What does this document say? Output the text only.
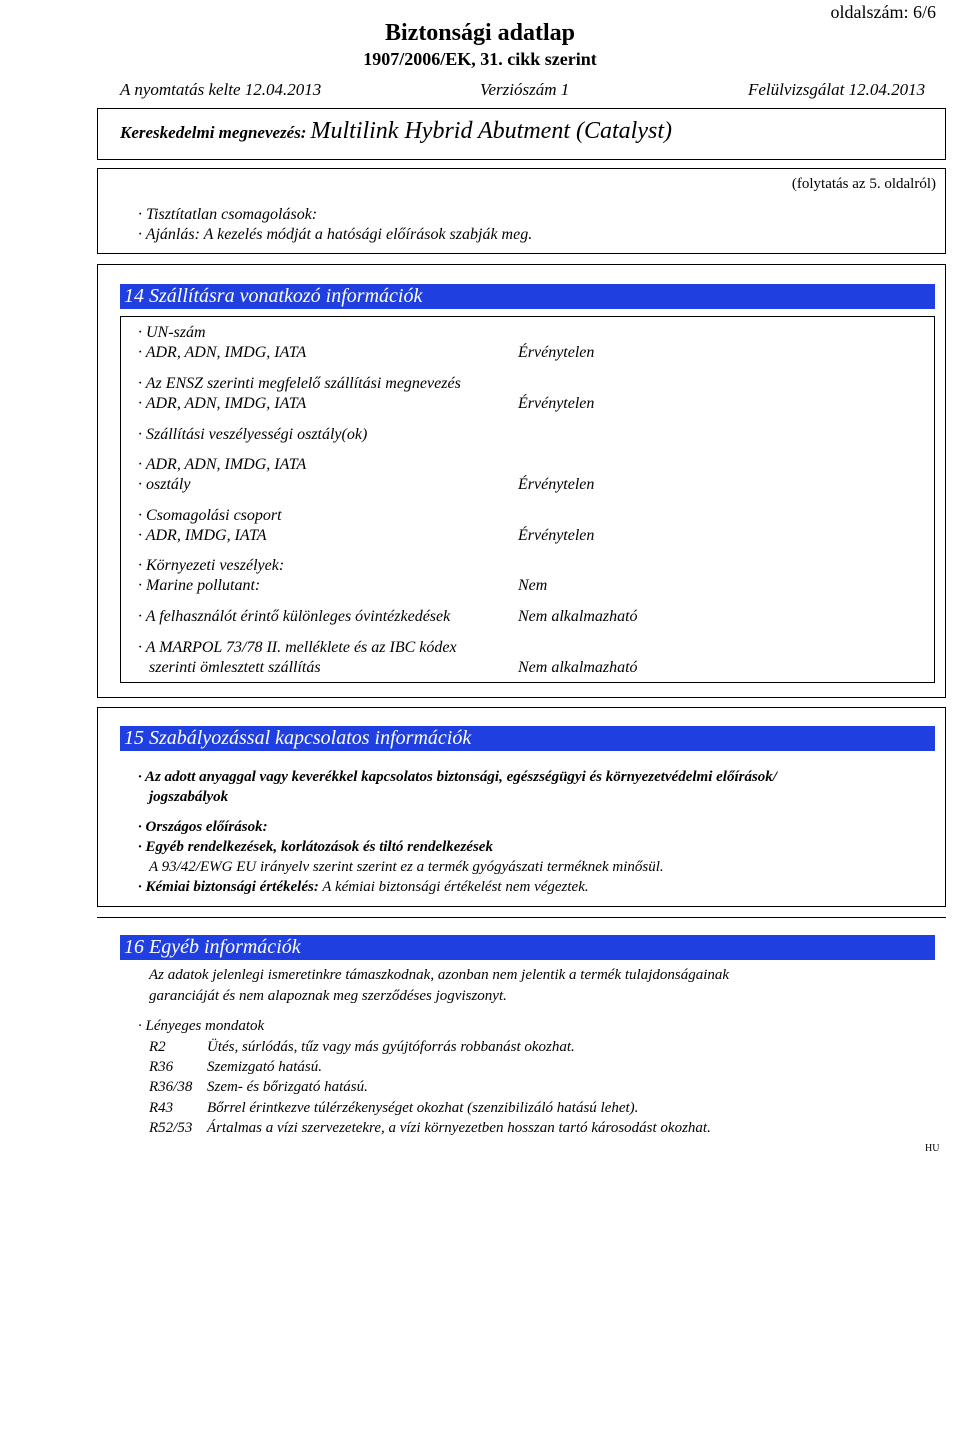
oldalszám: 6/6
Biztonsági adatlap
1907/2006/EK, 31. cikk szerint
A nyomtatás kelte 12.04.2013	Verziószám 1	Felülvizsgálat 12.04.2013
Kereskedelmi megnevezés: Multilink Hybrid Abutment (Catalyst)
(folytatás az 5. oldalról)
· Tisztítatlan csomagolások:
· Ajánlás: A kezelés módját a hatósági előírások szabják meg.
14 Szállításra vonatkozó információk
· UN-szám
· ADR, ADN, IMDG, IATA	Érvénytelen
· Az ENSZ szerinti megfelelő szállítási megnevezés
· ADR, ADN, IMDG, IATA	Érvénytelen
· Szállítási veszélyességi osztály(ok)
· ADR, ADN, IMDG, IATA
· osztály	Érvénytelen
· Csomagolási csoport
· ADR, IMDG, IATA	Érvénytelen
· Környezeti veszélyek:
· Marine pollutant:	Nem
· A felhasználót érintő különleges óvintézkedések	Nem alkalmazható
· A MARPOL 73/78 II. melléklete és az IBC kódex
szerinti ömlesztett szállítás	Nem alkalmazható
15 Szabályozással kapcsolatos információk
· Az adott anyaggal vagy keverékkel kapcsolatos biztonsági, egészségügyi és környezetvédelmi előírások/
jogszabályok
· Országos előírások:
· Egyéb rendelkezések, korlátozások és tiltó rendelkezések
A 93/42/EWG EU irányelv szerint szerint ez a termék gyógyászati terméknek minősül.
· Kémiai biztonsági értékelés: A kémiai biztonsági értékelést nem végeztek.
16 Egyéb információk
Az adatok jelenlegi ismeretinkre támaszkodnak, azonban nem jelentik a termék tulajdonságainak
garanciáját és nem alapoznak meg szerződéses jogviszonyt.
· Lényeges mondatok
R2	Ütés, súrlódás, tűz vagy más gyújtóforrás robbanást okozhat.
R36 Szemizgató hatású.
R36/38 Szem- és bőrizgató hatású.
R43 Bőrrel érintkezve túlérzékenységet okozhat (szenzibilizáló hatású lehet).
R52/53 Ártalmas a vízi szervezetekre, a vízi környezetben hosszan tartó károsodást okozhat.
HU
